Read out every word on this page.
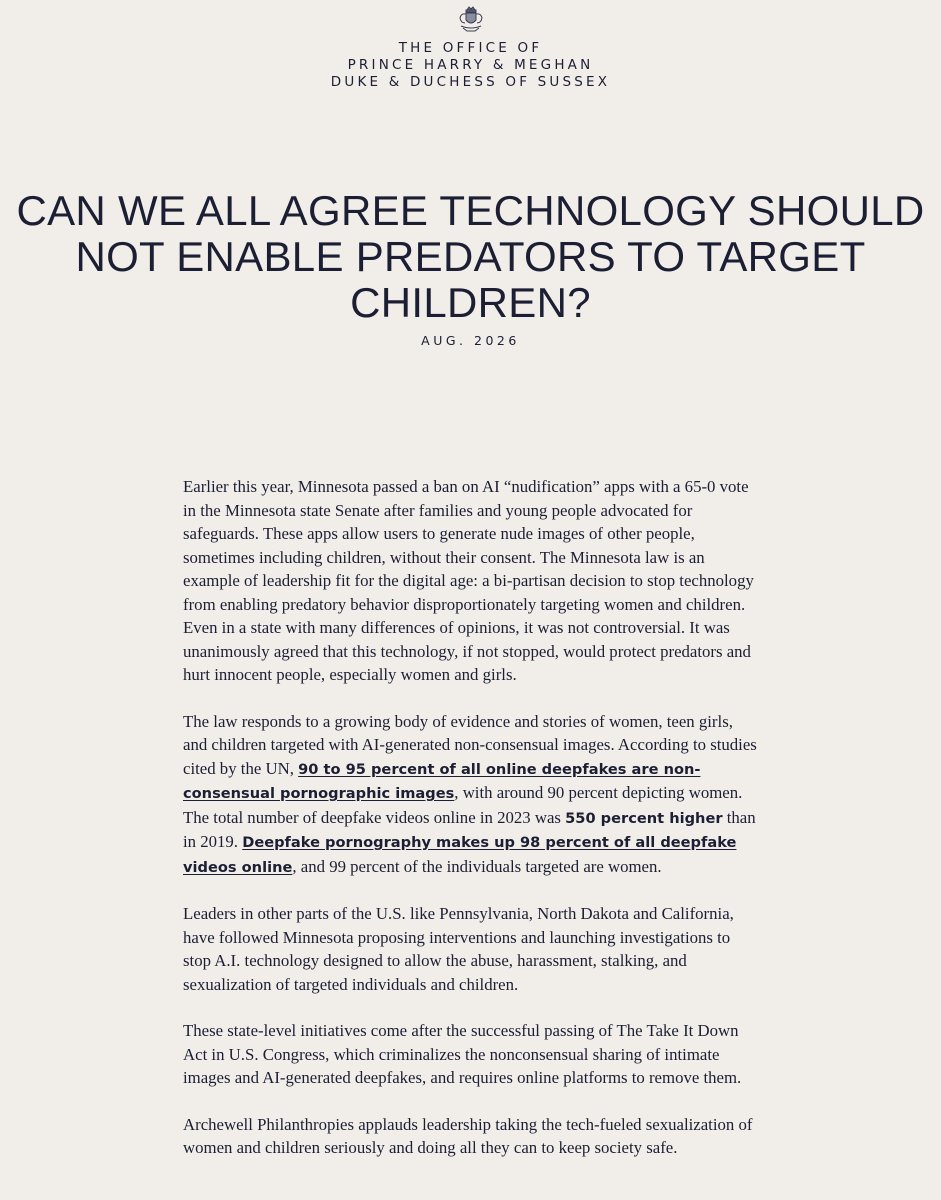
THE OFFICE OF
PRINCE HARRY & MEGHAN
DUKE & DUCHESS OF SUSSEX
CAN WE ALL AGREE TECHNOLOGY SHOULD NOT ENABLE PREDATORS TO TARGET CHILDREN?
AUG. 2026

Earlier this year, Minnesota passed a ban on AI “nudification” apps with a 65-0 vote in the Minnesota state Senate after families and young people advocated for safeguards. These apps allow users to generate nude images of other people, sometimes including children, without their consent. The Minnesota law is an example of leadership fit for the digital age: a bi-partisan decision to stop technology from enabling predatory behavior disproportionately targeting women and children. Even in a state with many differences of opinions, it was not controversial. It was unanimously agreed that this technology, if not stopped, would protect predators and hurt innocent people, especially women and girls.

The law responds to a growing body of evidence and stories of women, teen girls, and children targeted with AI-generated non-consensual images. According to studies cited by the UN, 90 to 95 percent of all online deepfakes are non-consensual pornographic images, with around 90 percent depicting women. The total number of deepfake videos online in 2023 was 550 percent higher than in 2019. Deepfake pornography makes up 98 percent of all deepfake videos online, and 99 percent of the individuals targeted are women.

Leaders in other parts of the U.S. like Pennsylvania, North Dakota and California, have followed Minnesota proposing interventions and launching investigations to stop A.I. technology designed to allow the abuse, harassment, stalking, and sexualization of targeted individuals and children.

These state-level initiatives come after the successful passing of The Take It Down Act in U.S. Congress, which criminalizes the nonconsensual sharing of intimate images and AI-generated deepfakes, and requires online platforms to remove them.

Archewell Philanthropies applauds leadership taking the tech-fueled sexualization of women and children seriously and doing all they can to keep society safe.
